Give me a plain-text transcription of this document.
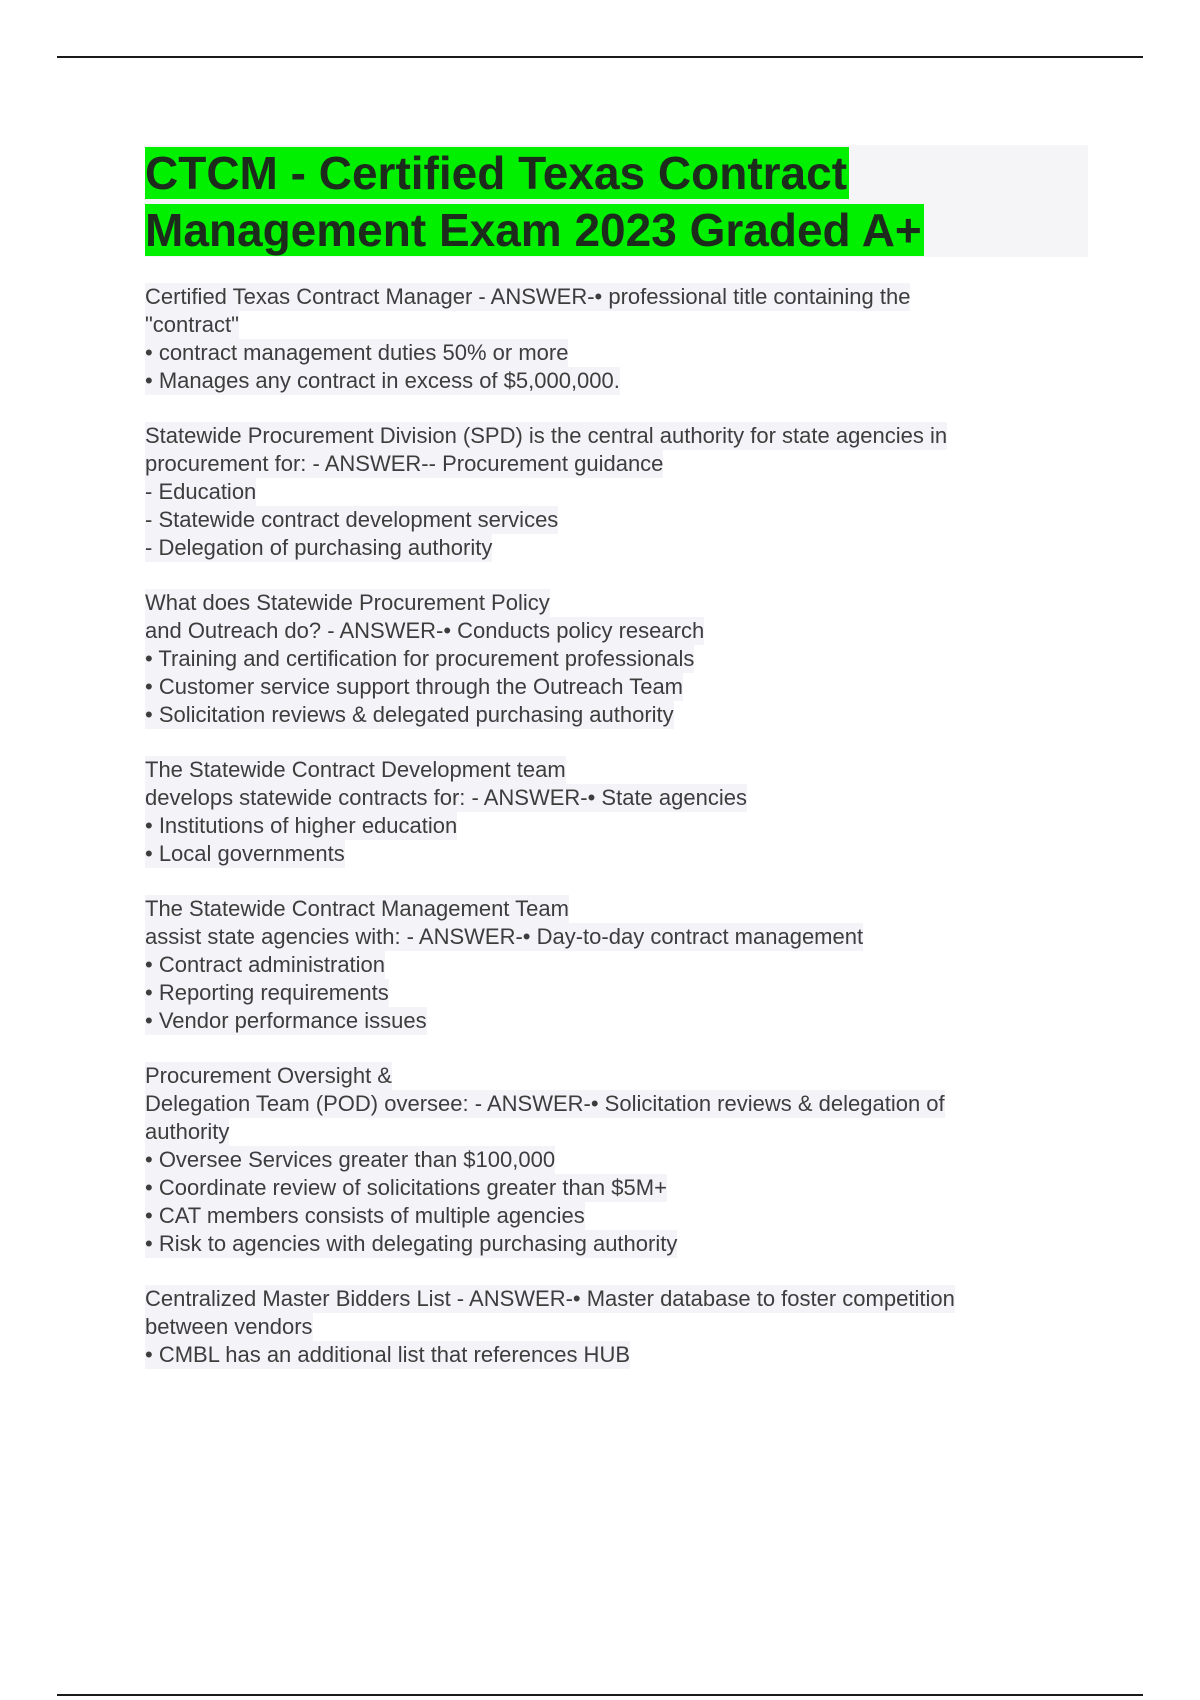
CTCM - Certified Texas Contract
Management Exam 2023 Graded A+
Certified Texas Contract Manager - ANSWER-• professional title containing the
"contract"
• contract management duties 50% or more
• Manages any contract in excess of $5,000,000.
Statewide Procurement Division (SPD) is the central authority for state agencies in
procurement for: - ANSWER-- Procurement guidance
- Education
- Statewide contract development services
- Delegation of purchasing authority
What does Statewide Procurement Policy
and Outreach do? - ANSWER-• Conducts policy research
• Training and certification for procurement professionals
• Customer service support through the Outreach Team
• Solicitation reviews & delegated purchasing authority
The Statewide Contract Development team
develops statewide contracts for: - ANSWER-• State agencies
• Institutions of higher education
• Local governments
The Statewide Contract Management Team
assist state agencies with: - ANSWER-• Day-to-day contract management
• Contract administration
• Reporting requirements
• Vendor performance issues
Procurement Oversight &
Delegation Team (POD) oversee: - ANSWER-• Solicitation reviews & delegation of
authority
• Oversee Services greater than $100,000
• Coordinate review of solicitations greater than $5M+
• CAT members consists of multiple agencies
• Risk to agencies with delegating purchasing authority
Centralized Master Bidders List - ANSWER-• Master database to foster competition
between vendors
• CMBL has an additional list that references HUB
